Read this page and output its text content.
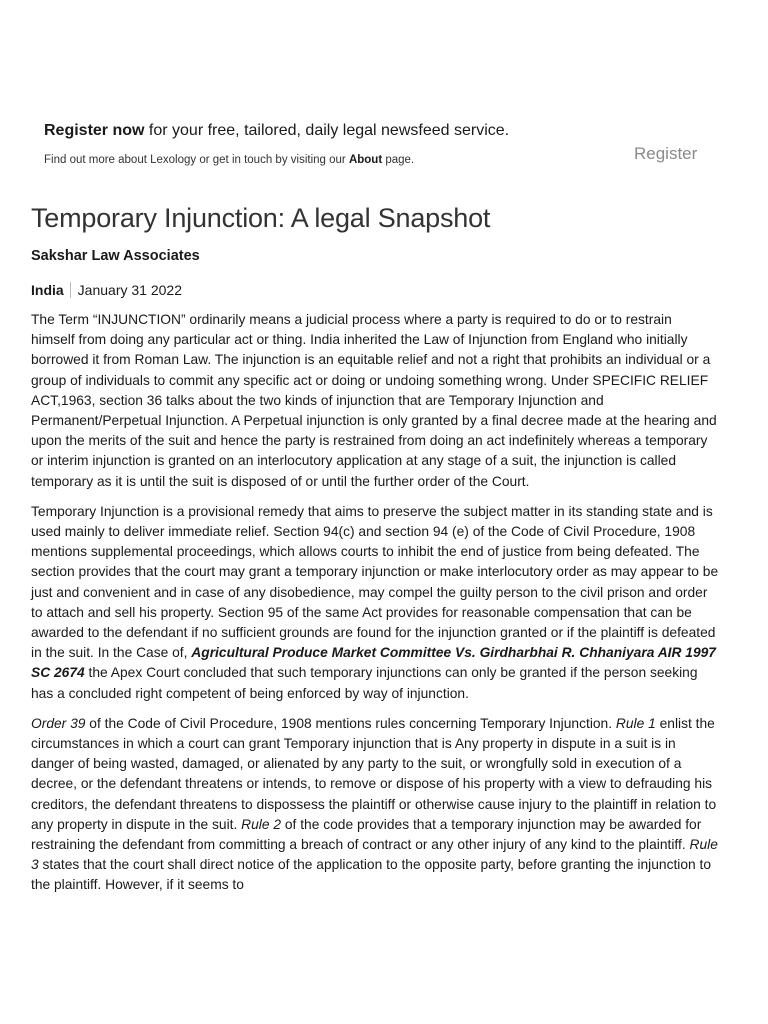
Register now for your free, tailored, daily legal newsfeed service.
Find out more about Lexology or get in touch by visiting our About page.	Register
Temporary Injunction: A legal Snapshot
Sakshar Law Associates
India	January 31 2022

The Term “INJUNCTION” ordinarily means a judicial process where a party is required to do or to restrain himself from doing any particular act or thing. India inherited the Law of Injunction from England who initially borrowed it from Roman Law. The injunction is an equitable relief and not a right that prohibits an individual or a group of individuals to commit any specific act or doing or undoing something wrong. Under SPECIFIC RELIEF ACT,1963, section 36 talks about the two kinds of injunction that are Temporary Injunction and Permanent/Perpetual Injunction. A Perpetual injunction is only granted by a final decree made at the hearing and upon the merits of the suit and hence the party is restrained from doing an act indefinitely whereas a temporary or interim injunction is granted on an interlocutory application at any stage of a suit, the injunction is called temporary as it is until the suit is disposed of or until the further order of the Court.

Temporary Injunction is a provisional remedy that aims to preserve the subject matter in its standing state and is used mainly to deliver immediate relief. Section 94(c) and section 94 (e) of the Code of Civil Procedure, 1908 mentions supplemental proceedings, which allows courts to inhibit the end of justice from being defeated. The section provides that the court may grant a temporary injunction or make interlocutory order as may appear to be just and convenient and in case of any disobedience, may compel the guilty person to the civil prison and order to attach and sell his property. Section 95 of the same Act provides for reasonable compensation that can be awarded to the defendant if no sufficient grounds are found for the injunction granted or if the plaintiff is defeated in the suit. In the Case of, Agricultural Produce Market Committee Vs. Girdharbhai R. Chhaniyara AIR 1997 SC 2674 the Apex Court concluded that such temporary injunctions can only be granted if the person seeking has a concluded right competent of being enforced by way of injunction.

Order 39 of the Code of Civil Procedure, 1908 mentions rules concerning Temporary Injunction. Rule 1 enlist the circumstances in which a court can grant Temporary injunction that is Any property in dispute in a suit is in danger of being wasted, damaged, or alienated by any party to the suit, or wrongfully sold in execution of a decree, or the defendant threatens or intends, to remove or dispose of his property with a view to defrauding his creditors, the defendant threatens to dispossess the plaintiff or otherwise cause injury to the plaintiff in relation to any property in dispute in the suit. Rule 2 of the code provides that a temporary injunction may be awarded for restraining the defendant from committing a breach of contract or any other injury of any kind to the plaintiff. Rule 3 states that the court shall direct notice of the application to the opposite party, before granting the injunction to the plaintiff. However, if it seems to
